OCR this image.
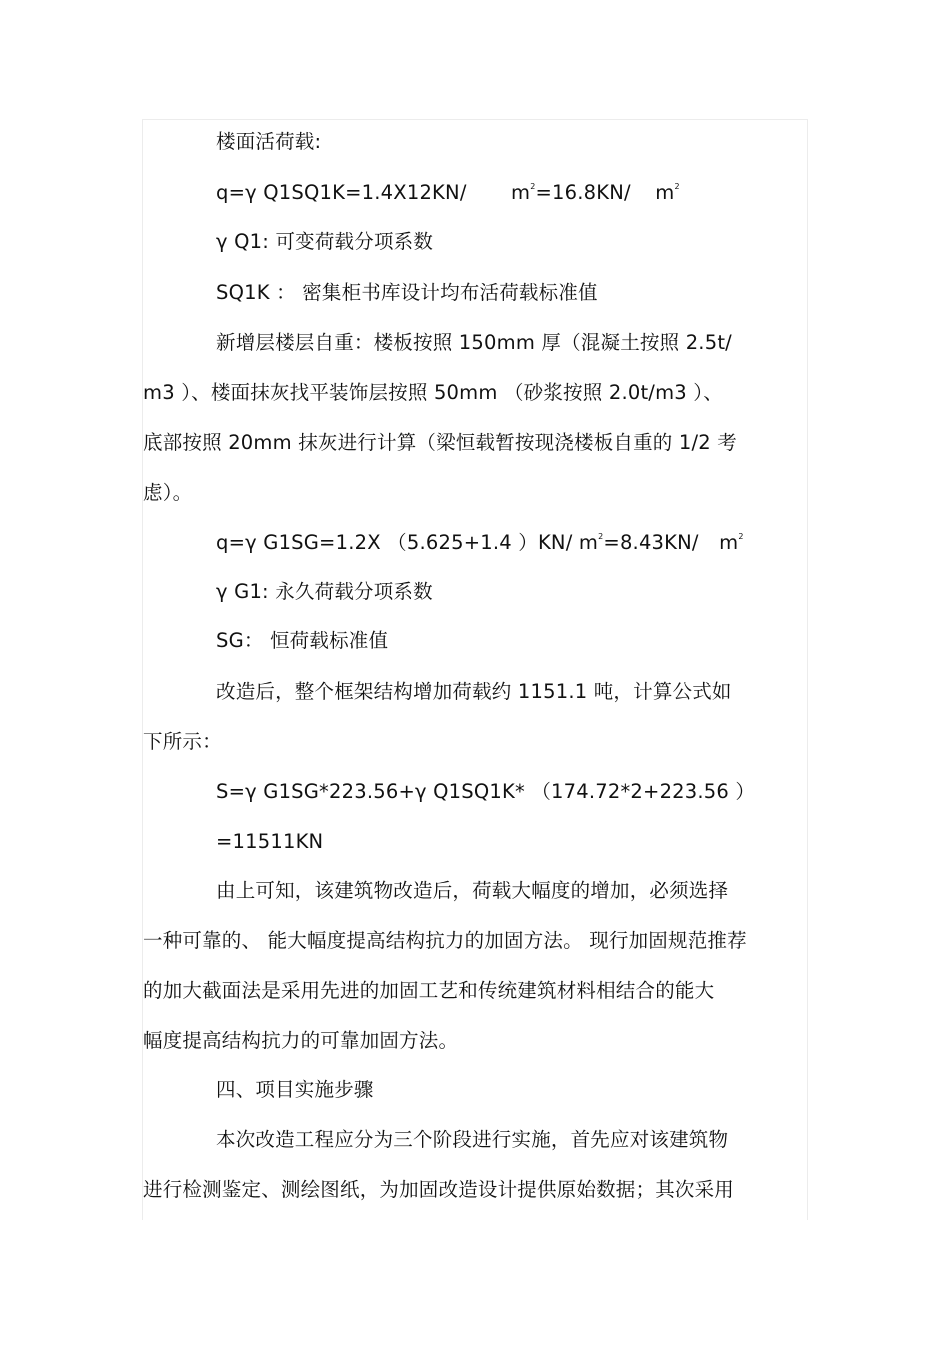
楼面活荷载:
q=γ Q1SQ1K=1.4X12KN/ $m^2=16.8KN/$ $m^2$
γ Q1: 可变荷载分项系数
SQ1K ： 密集柜书库设计均布活荷载标准值
新增层楼层自重：楼板按照 150mm 厚（混凝土按照 2.5t/
m3 ）、楼面抹灰找平装饰层按照 50mm （砂浆按照 2.0t/m3 ）、
底部按照 20mm 抹灰进行计算（梁恒载暂按现浇楼板自重的 1/2 考
虑）。
q=γ G1SG=1.2X （5.625+1.4 ）KN/ $m^2=8.43KN/$ $m^2$
γ G1: 永久荷载分项系数
SG： 恒荷载标准值
改造后，整个框架结构增加荷载约 1151.1 吨，计算公式如
下所示：
S=γ G1SG*223.56+γ Q1SQ1K* （174.72*2+223.56 ）
=11511KN
由上可知，该建筑物改造后，荷载大幅度的增加，必须选择
一种可靠的、 能大幅度提高结构抗力的加固方法。 现行加固规范推荐
的加大截面法是采用先进的加固工艺和传统建筑材料相结合的能大
幅度提高结构抗力的可靠加固方法。
四、项目实施步骤
本次改造工程应分为三个阶段进行实施，首先应对该建筑物
进行检测鉴定、测绘图纸，为加固改造设计提供原始数据；其次采用
